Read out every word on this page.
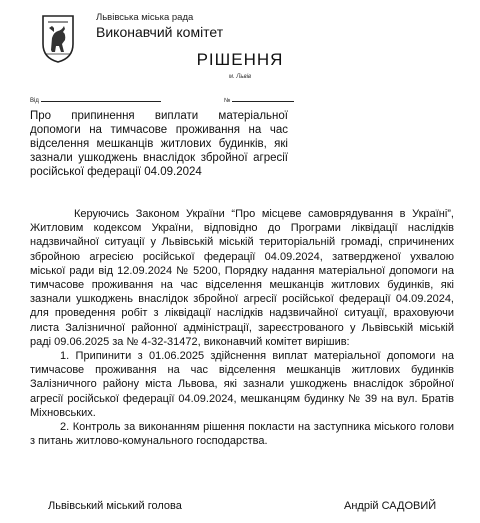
Львівська міська рада
Виконавчий комітет
РІШЕННЯ
м. Львів
Від	№
Про припинення виплати матеріальної допомоги на тимчасове проживання на час відселення мешканців житлових будинків, які зазнали ушкоджень внаслідок збройної агресії російської федерації 04.09.2024

Керуючись Законом України “Про місцеве самоврядування в Україні”, Житловим кодексом України, відповідно до Програми ліквідації наслідків надзвичайної ситуації у Львівській міській територіальній громаді, спричинених збройною агресією російської федерації 04.09.2024, затвердженої ухвалою міської ради від 12.09.2024 № 5200, Порядку надання матеріальної допомоги на тимчасове проживання на час відселення мешканців житлових будинків, які зазнали ушкоджень внаслідок збройної агресії російської федерації 04.09.2024, для проведення робіт з ліквідації наслідків надзвичайної ситуації, враховуючи листа Залізничної районної адміністрації, зареєстрованого у Львівській міській раді 09.06.2025 за № 4-32-31472, виконавчий комітет вирішив:

1. Припинити з 01.06.2025 здійснення виплат матеріальної допомоги на тимчасове проживання на час відселення мешканців житлових будинків Залізничного району міста Львова, які зазнали ушкоджень внаслідок збройної агресії російської федерації 04.09.2024, мешканцям будинку № 39 на вул. Братів Міхновських.

2. Контроль за виконанням рішення покласти на заступника міського голови з питань житлово-комунального господарства.

Львівський міський голова	Андрій САДОВИЙ
